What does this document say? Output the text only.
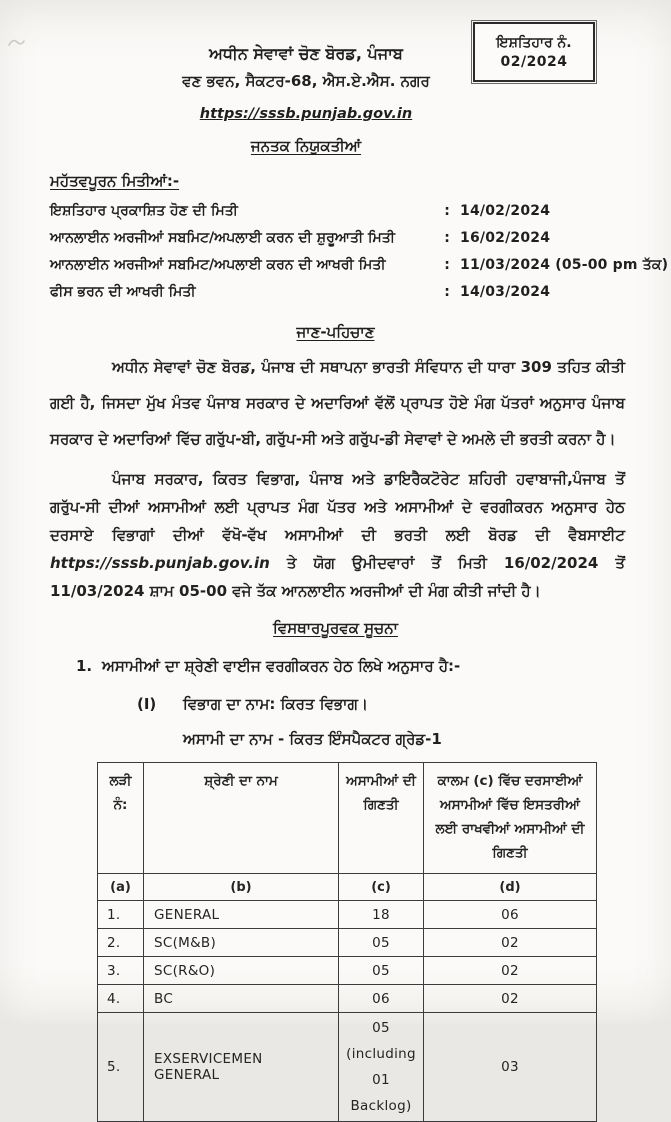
ਇਸ਼ਤਿਹਾਰ ਨੰ.
02/2024
ਅਧੀਨ ਸੇਵਾਵਾਂ ਚੋਣ ਬੋਰਡ, ਪੰਜਾਬ
ਵਣ ਭਵਨ, ਸੈਕਟਰ-68, ਐਸ.ਏ.ਐਸ. ਨਗਰ
https://sssb.punjab.gov.in
ਜਨਤਕ ਨਿਯੁਕਤੀਆਂ
ਮਹੱਤਵਪੂਰਨ ਮਿਤੀਆਂ:-
ਇਸ਼ਤਿਹਾਰ ਪ੍ਰਕਾਸ਼ਿਤ ਹੋਣ ਦੀ ਮਿਤੀ	: 14/02/2024
ਆਨਲਾਈਨ ਅਰਜੀਆਂ ਸਬਮਿਟ/ਅਪਲਾਈ ਕਰਨ ਦੀ ਸ਼ੁਰੂਆਤੀ ਮਿਤੀ	: 16/02/2024
ਆਨਲਾਈਨ ਅਰਜੀਆਂ ਸਬਮਿਟ/ਅਪਲਾਈ ਕਰਨ ਦੀ ਆਖਰੀ ਮਿਤੀ	: 11/03/2024 (05-00 pm ਤੱਕ)
ਫੀਸ ਭਰਨ ਦੀ ਆਖਰੀ ਮਿਤੀ	: 14/03/2024
ਜਾਣ-ਪਹਿਚਾਣ

ਅਧੀਨ ਸੇਵਾਵਾਂ ਚੋਣ ਬੋਰਡ, ਪੰਜਾਬ ਦੀ ਸਥਾਪਨਾ ਭਾਰਤੀ ਸੰਵਿਧਾਨ ਦੀ ਧਾਰਾ 309 ਤਹਿਤ ਕੀਤੀ ਗਈ ਹੈ, ਜਿਸਦਾ ਮੁੱਖ ਮੰਤਵ ਪੰਜਾਬ ਸਰਕਾਰ ਦੇ ਅਦਾਰਿਆਂ ਵੱਲੋਂ ਪ੍ਰਾਪਤ ਹੋਏ ਮੰਗ ਪੱਤਰਾਂ ਅਨੁਸਾਰ ਪੰਜਾਬ ਸਰਕਾਰ ਦੇ ਅਦਾਰਿਆਂ ਵਿੱਚ ਗਰੁੱਪ-ਬੀ, ਗਰੁੱਪ-ਸੀ ਅਤੇ ਗਰੁੱਪ-ਡੀ ਸੇਵਾਵਾਂ ਦੇ ਅਮਲੇ ਦੀ ਭਰਤੀ ਕਰਨਾ ਹੈ।

ਪੰਜਾਬ ਸਰਕਾਰ, ਕਿਰਤ ਵਿਭਾਗ, ਪੰਜਾਬ ਅਤੇ ਡਾਇਰੈਕਟੋਰੇਟ ਸ਼ਹਿਰੀ ਹਵਾਬਾਜੀ,ਪੰਜਾਬ ਤੋਂ ਗਰੁੱਪ-ਸੀ ਦੀਆਂ ਅਸਾਮੀਆਂ ਲਈ ਪ੍ਰਾਪਤ ਮੰਗ ਪੱਤਰ ਅਤੇ ਅਸਾਮੀਆਂ ਦੇ ਵਰਗੀਕਰਨ ਅਨੁਸਾਰ ਹੇਠ ਦਰਸਾਏ ਵਿਭਾਗਾਂ ਦੀਆਂ ਵੱਖੋ-ਵੱਖ ਅਸਾਮੀਆਂ ਦੀ ਭਰਤੀ ਲਈ ਬੋਰਡ ਦੀ ਵੈਬਸਾਈਟ https://sssb.punjab.gov.in ਤੇ ਯੋਗ ਉਮੀਦਵਾਰਾਂ ਤੋਂ ਮਿਤੀ 16/02/2024 ਤੋਂ 11/03/2024 ਸ਼ਾਮ 05-00 ਵਜੇ ਤੱਕ ਆਨਲਾਈਨ ਅਰਜੀਆਂ ਦੀ ਮੰਗ ਕੀਤੀ ਜਾਂਦੀ ਹੈ।

ਵਿਸਥਾਰਪੂਰਵਕ ਸੂਚਨਾ
1. ਅਸਾਮੀਆਂ ਦਾ ਸ਼੍ਰੇਣੀ ਵਾਈਜ ਵਰਗੀਕਰਨ ਹੇਠ ਲਿਖੇ ਅਨੁਸਾਰ ਹੈ:-
(I)	ਵਿਭਾਗ ਦਾ ਨਾਮ: ਕਿਰਤ ਵਿਭਾਗ।
ਅਸਾਮੀ ਦਾ ਨਾਮ - ਕਿਰਤ ਇੰਸਪੈਕਟਰ ਗ੍ਰੇਡ-1
ਲੜੀ ਨੰ:	ਸ਼੍ਰੇਣੀ ਦਾ ਨਾਮ	ਅਸਾਮੀਆਂ ਦੀ ਗਿਣਤੀ	ਕਾਲਮ (c) ਵਿੱਚ ਦਰਸਾਈਆਂ ਅਸਾਮੀਆਂ ਵਿੱਚ ਇਸਤਰੀਆਂ ਲਈ ਰਾਖਵੀਆਂ ਅਸਾਮੀਆਂ ਦੀ ਗਿਣਤੀ
(a)	(b)	(c)	(d)
1.	GENERAL	18	06
2.	SC(M&B)	05	02
3.	SC(R&O)	05	02
4.	BC	06	02
5.	EXSERVICEMEN GENERAL	05 (including 01 Backlog)	03
